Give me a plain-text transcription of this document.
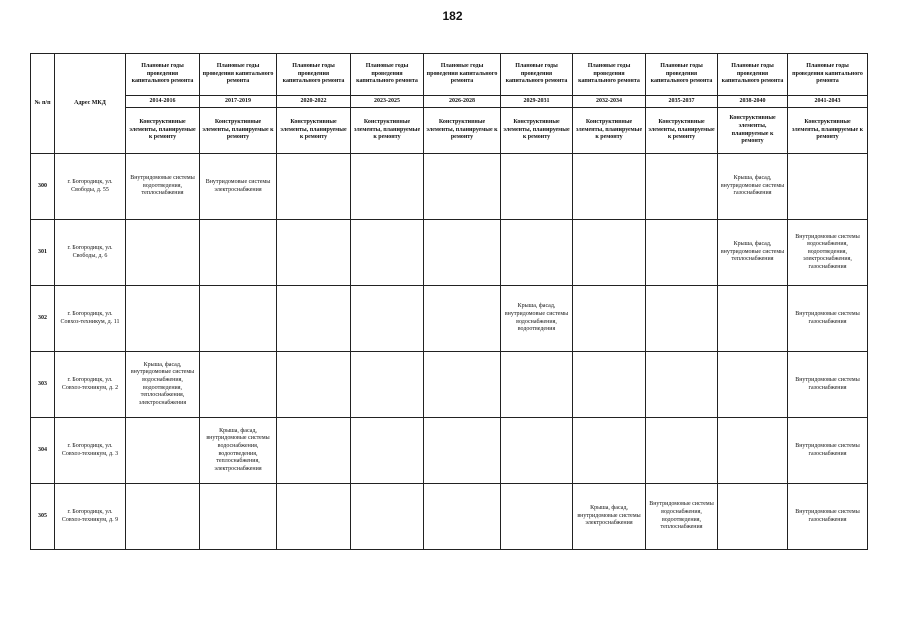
182
№ п/п	Адрес МКД	Плановые годы проведения капитального ремонта	Плановые годы проведения капитального ремонта	Плановые годы проведения капитального ремонта	Плановые годы проведения капитального ремонта	Плановые годы проведения капитального ремонта	Плановые годы проведения капитального ремонта	Плановые годы проведения капитального ремонта	Плановые годы проведения капитального ремонта	Плановые годы проведения капитального ремонта	Плановые годы проведения капитального ремонта
		2014-2016	2017-2019	2020-2022	2023-2025	2026-2028	2029-2031	2032-2034	2035-2037	2038-2040	2041-2043
		Конструктивные элементы, планируемые к ремонту	Конструктивные элементы, планируемые к ремонту	Конструктивные элементы, планируемые к ремонту	Конструктивные элементы, планируемые к ремонту	Конструктивные элементы, планируемые к ремонту	Конструктивные элементы, планируемые к ремонту	Конструктивные элементы, планируемые к ремонту	Конструктивные элементы, планируемые к ремонту	Конструктивные элементы, планируемые к ремонту	Конструктивные элементы, планируемые к ремонту
300	г. Богородицк, ул. Свободы, д. 55	Внутридомовые системы водоотведения, теплоснабжения	Внутридомовые системы электроснабжения							Крыша, фасад, внутридомовые системы газоснабжения	
301	г. Богородицк, ул. Свободы, д. 6									Крыша, фасад, внутридомовые системы теплоснабжения	Внутридомовые системы водоснабжения, водоотведения, электроснабжения, газоснабжения
302	г. Богородицк, ул. Совхоз-техникум, д. 11						Крыша, фасад, внутридомовые системы водоснабжения, водоотведения				Внутридомовые системы газоснабжения
303	г. Богородицк, ул. Совхоз-техникум, д. 2	Крыша, фасад, внутридомовые системы водоснабжения, водоотведения, теплоснабжения, электроснабжения									Внутридомовые системы газоснабжения
304	г. Богородицк, ул. Совхоз-техникум, д. 3		Крыша, фасад, внутридомовые системы водоснабжения, водоотведения, теплоснабжения, электроснабжения								Внутридомовые системы газоснабжения
305	г. Богородицк, ул. Совхоз-техникум, д. 9							Крыша, фасад, внутридомовые системы электроснабжения	Внутридомовые системы водоснабжения, водоотведения, теплоснабжения		Внутридомовые системы газоснабжения
